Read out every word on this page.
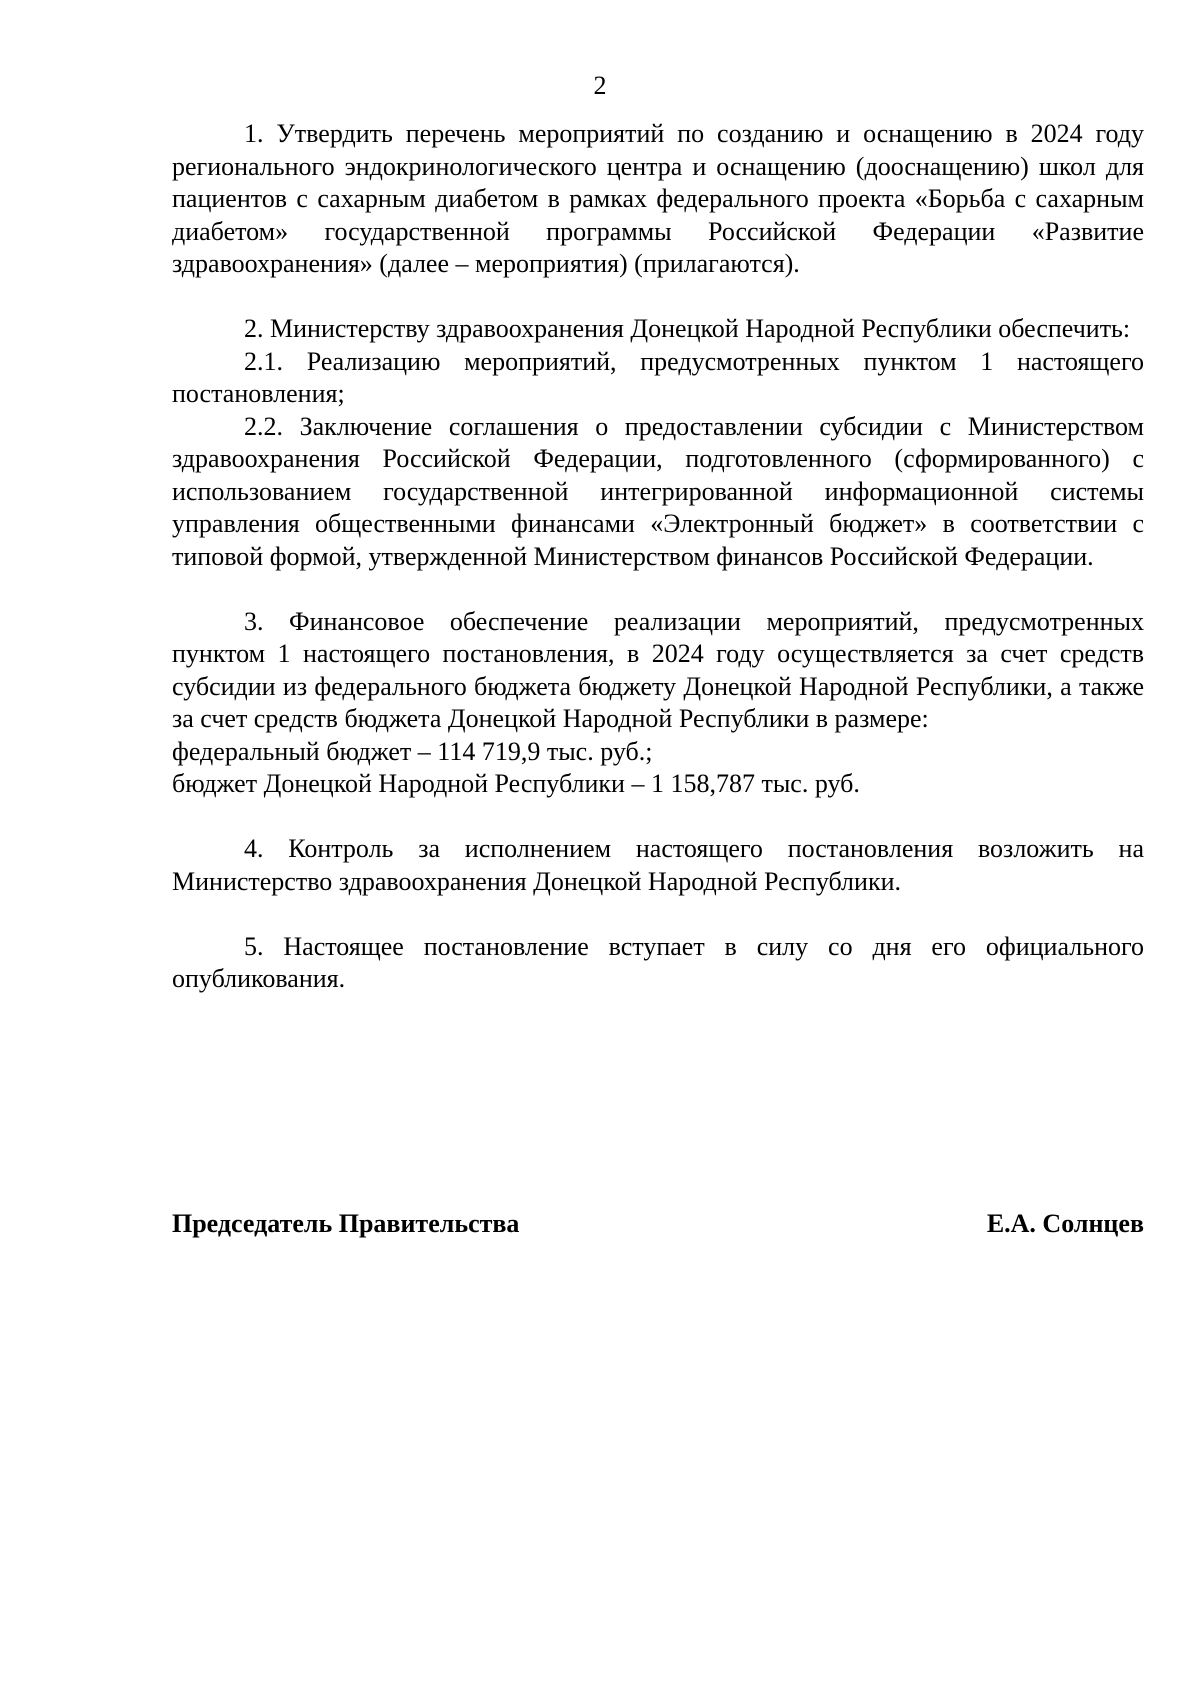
2

1. Утвердить перечень мероприятий по созданию и оснащению в 2024 году регионального эндокринологического центра и оснащению (дооснащению) школ для пациентов с сахарным диабетом в рамках федерального проекта «Борьба с сахарным диабетом» государственной программы Российской Федерации «Развитие здравоохранения» (далее – мероприятия) (прилагаются).

2. Министерству здравоохранения Донецкой Народной Республики обеспечить:

2.1. Реализацию мероприятий, предусмотренных пунктом 1 настоящего постановления;

2.2. Заключение соглашения о предоставлении субсидии с Министерством здравоохранения Российской Федерации, подготовленного (сформированного) с использованием государственной интегрированной информационной системы управления общественными финансами «Электронный бюджет» в соответствии с типовой формой, утвержденной Министерством финансов Российской Федерации.

3. Финансовое обеспечение реализации мероприятий, предусмотренных пунктом 1 настоящего постановления, в 2024 году осуществляется за счет средств субсидии из федерального бюджета бюджету Донецкой Народной Республики, а также за счет средств бюджета Донецкой Народной Республики в размере:

федеральный бюджет – 114 719,9 тыс. руб.;

бюджет Донецкой Народной Республики – 1 158,787 тыс. руб.

4. Контроль за исполнением настоящего постановления возложить на Министерство здравоохранения Донецкой Народной Республики.

5. Настоящее постановление вступает в силу со дня его официального опубликования.

Председатель Правительства	Е.А. Солнцев
